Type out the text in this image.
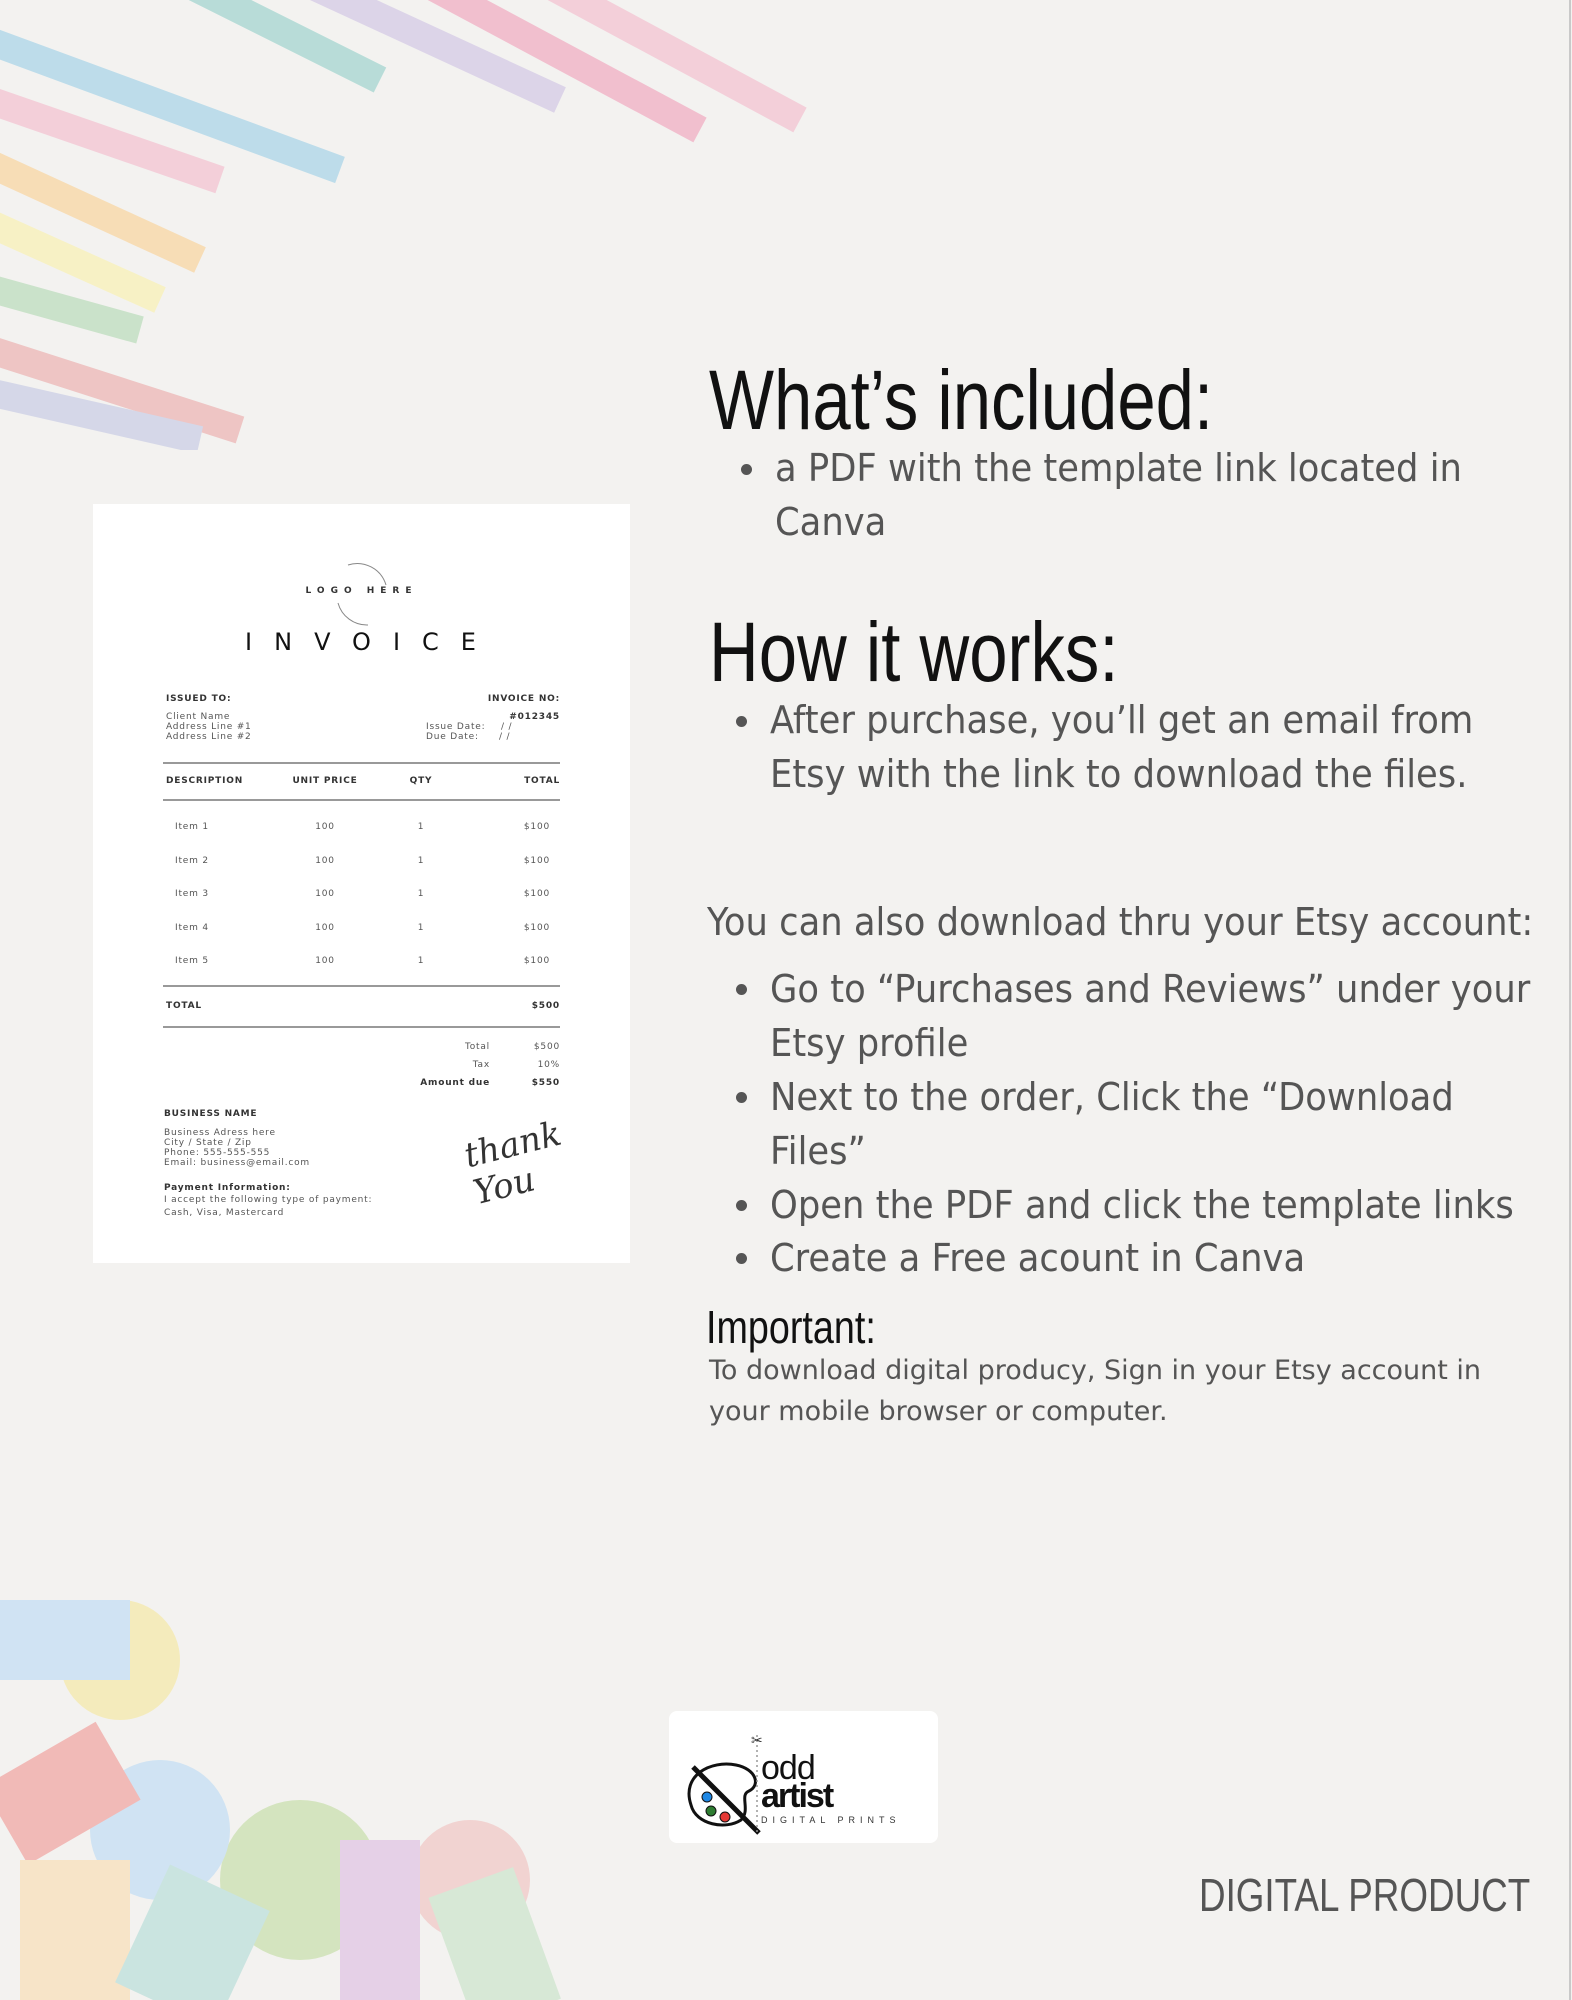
LOGO HERE
INVOICE
ISSUED TO:
Client Name
Address Line #1
Address Line #2
INVOICE NO:
#012345
Issue Date: / /
Due Date: / /
DESCRIPTION	UNIT PRICE	QTY	TOTAL
Item 1	100	1	$100
Item 2	100	1	$100
Item 3	100	1	$100
Item 4	100	1	$100
Item 5	100	1	$100
TOTAL	$500
Total	$500
Tax	10%
Amount due	$550
BUSINESS NAME
Business Adress here
City / State / Zip
Phone: 555-555-555
Email: business@email.com
Payment Information:
I accept the following type of payment:
Cash, Visa, Mastercard
thank You
What’s included:
a PDF with the template link located in
Canva
How it works:
After purchase, you’ll get an email from
Etsy with the link to download the files.
You can also download thru your Etsy account:
Go to “Purchases and Reviews” under your
Etsy profile
Next to the order, Click the “Download
Files”
Open the PDF and click the template links
Create a Free acount in Canva
Important:
To download digital producy, Sign in your Etsy account in your mobile browser or computer.
✂
odd
artist
DIGITAL PRINTS
DIGITAL PRODUCT
